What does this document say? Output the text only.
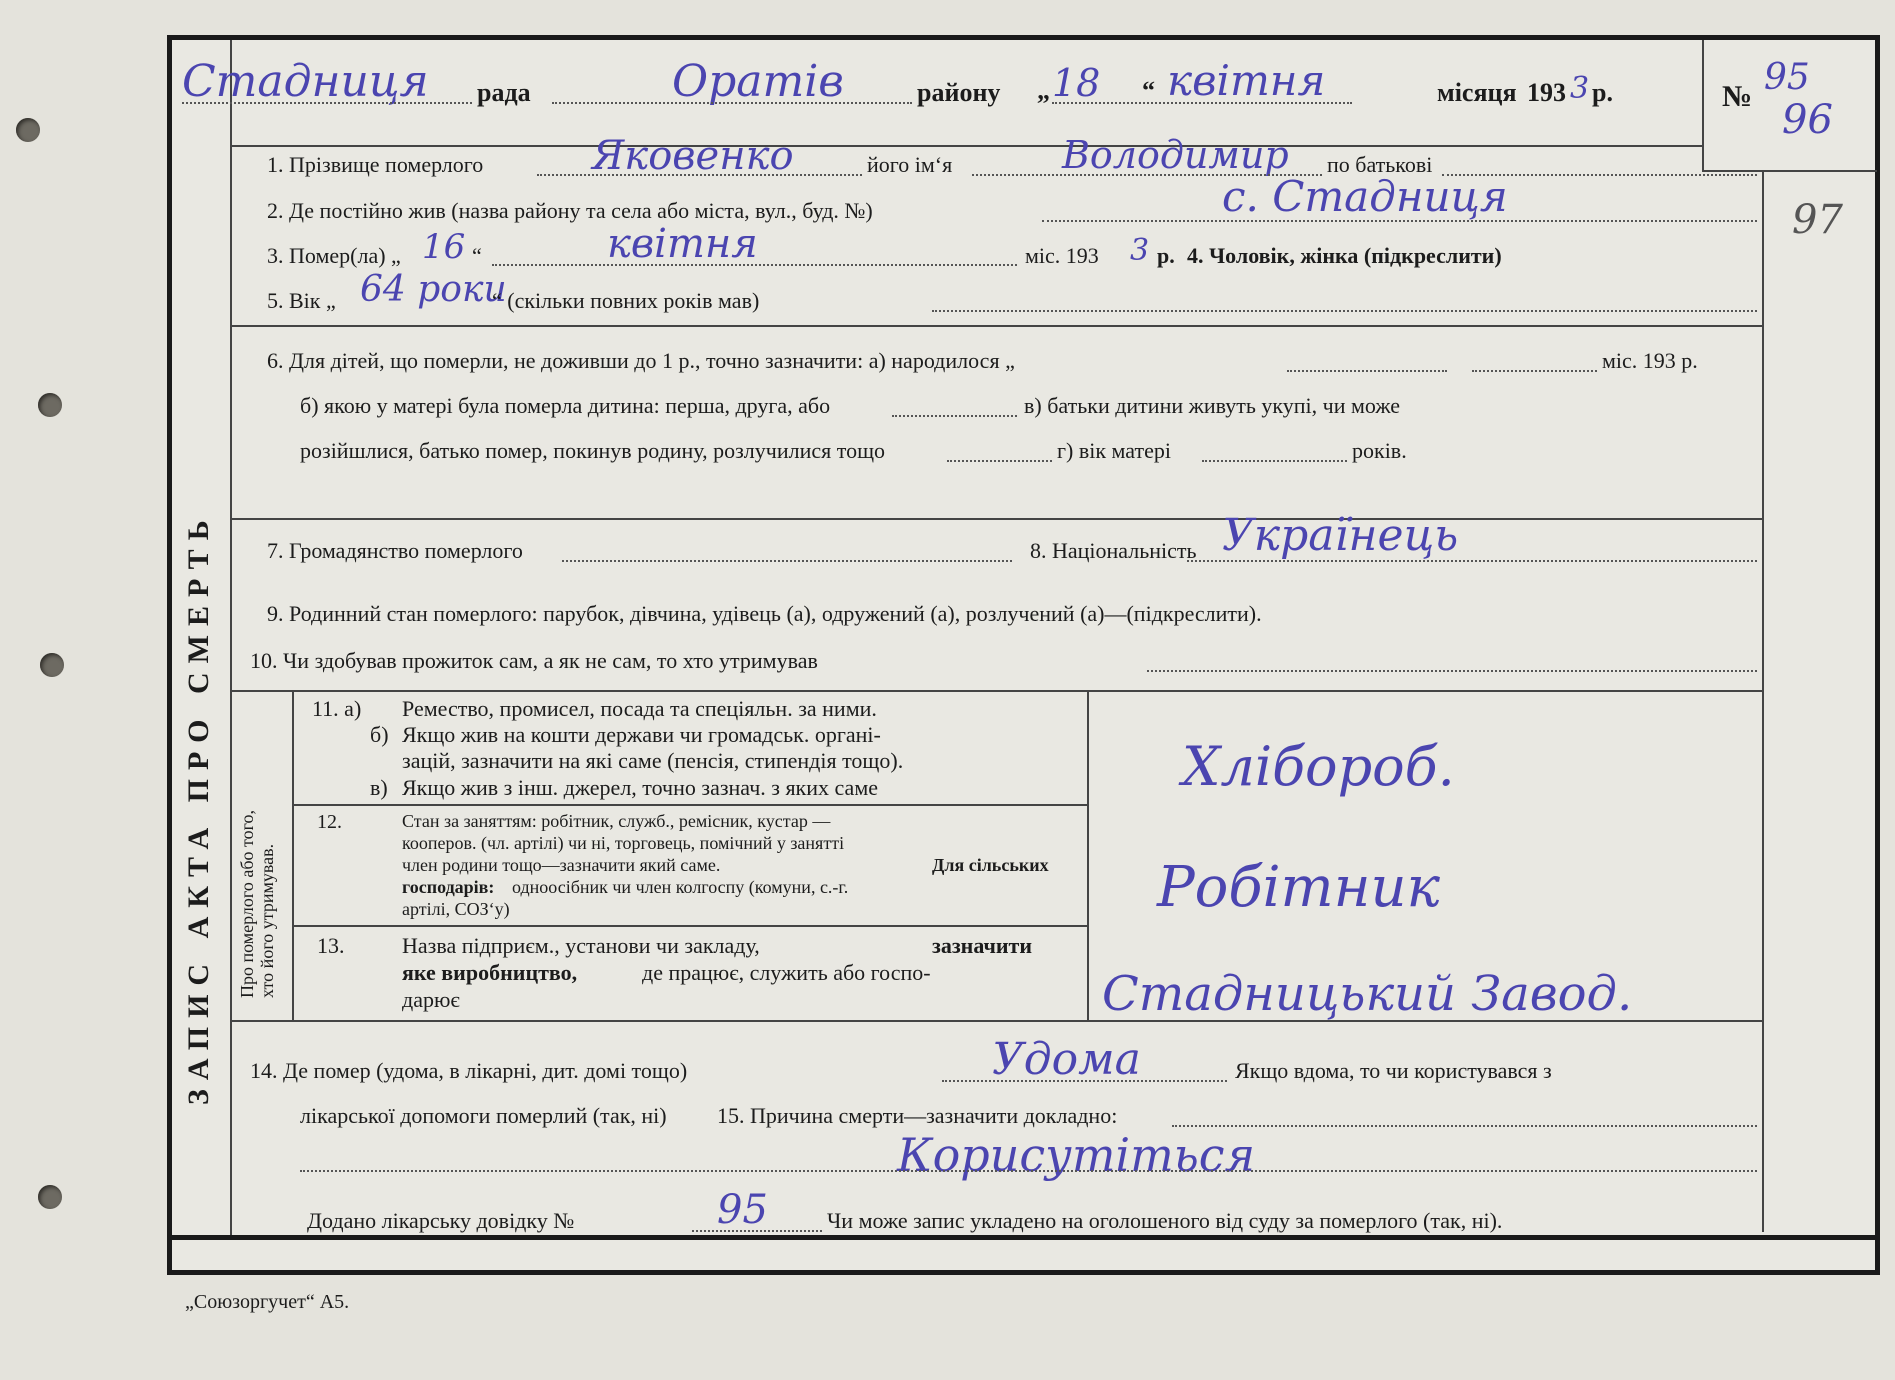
ЗАПИС АКТА ПРО СМЕРТЬ
Стадниця рада	Оратів	району „ 18 “ квітня	місяця 193 3 р.	№ 95
96
97
1. Прізвище померлого	Яковенко	його ім‘я	Володимир по батькові
2. Де постійно жив (назва району та села або міста, вул., буд. №)	с. Стадниця
3. Помер(ла) „ 16 “	квітня	міс. 193 3 р. 4. Чоловік, жінка (підкреслити)
5. Вік „ 64 роки
“ (скільки повних років мав)
6. Для дітей, що померли, не доживши до 1 р., точно зазначити: а) народилося „	міс. 193 р.
б) якою у матері була померла дитина: перша, друга, або	в) батьки дитини живуть укупі, чи може
розійшлися, батько помер, покинув родину, розлучилися тощо	г) вік матері	років.
7. Громадянство померлого	8. Національність Українець
9. Родинний стан померлого: парубок, дівчина, удівець (а), одружений (а), розлучений (а)—(підкреслити).
10. Чи здобував прожиток сам, а як не сам, то хто утримував
Про померлого або того, хто його утримував.
11. а) Ремество, промисел, посада та спеціяльн. за ними.
б) Якщо жив на кошти держави чи громадськ. органі-
зацій, зазначити на які саме (пенсія, стипендія тощо).
в) Якщо жив з інш. джерел, точно зазнач. з яких саме	Хлібороб.
12.	Стан за заняттям: робітник, служб., ремісник, кустар —
кооперов. (чл. артілі) чи ні, торговець, помічний у занятті
член родини тощо—зазначити який саме.	Для сільських
господарів: одноосібник чи член колгоспу (комуни, с.-г.
артілі, СОЗ‘у)	Робітник
13.	Назва підприєм., установи чи закладу,	зазначити
яке виробництво,	де працює, служить або госпо-
дарює	Стадницький Завод.
14. Де помер (удома, в лікарні, дит. домі тощо)	Удома	Якщо вдома, то чи користувався з
лікарської допомоги померлий (так, ні) 15. Причина смерти—зазначити докладно:
Корисутіться
Додано лікарську довідку №	95	Чи може запис укладено на оголошеного від суду за померлого (так, ні).
„Союзоргучет“ А5.
